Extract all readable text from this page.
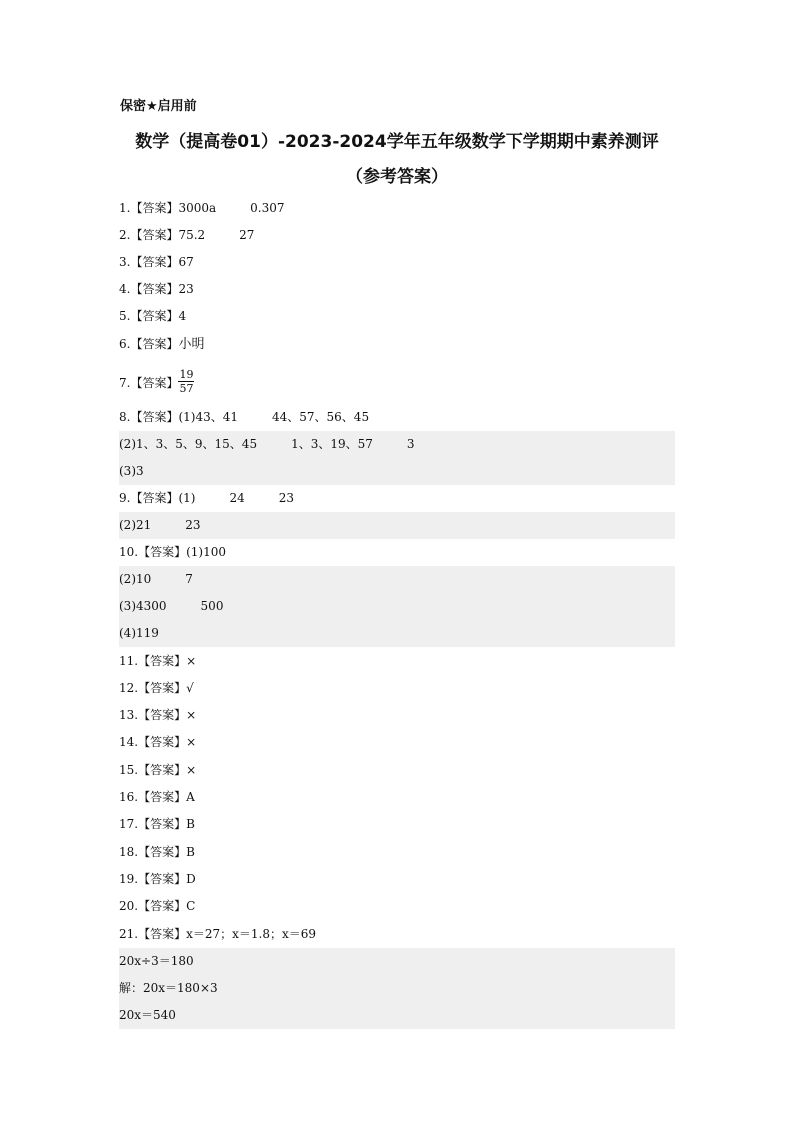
保密★启用前
数学（提高卷01）-2023-2024学年五年级数学下学期期中素养测评
（参考答案）
1.【答案】3000a	0.307
2.【答案】75.2	27
3.【答案】67
4.【答案】23
5.【答案】4
6.【答案】小明
7.【答案】 $\frac{19}{57}$
8.【答案】(1)43、41	44、57、56、45
(2)1、3、5、9、15、45	1、3、19、57	3
(3)3
9.【答案】(1)	24	23
(2)21	23
10.【答案】(1)100
(2)10	7
(3)4300	500
(4)119
11.【答案】×
12.【答案】√
13.【答案】×
14.【答案】×
15.【答案】×
16.【答案】A
17.【答案】B
18.【答案】B
19.【答案】D
20.【答案】C
21.【答案】x＝27；x＝1.8；x＝69
20x÷3＝180
解：20x＝180×3
20x＝540
